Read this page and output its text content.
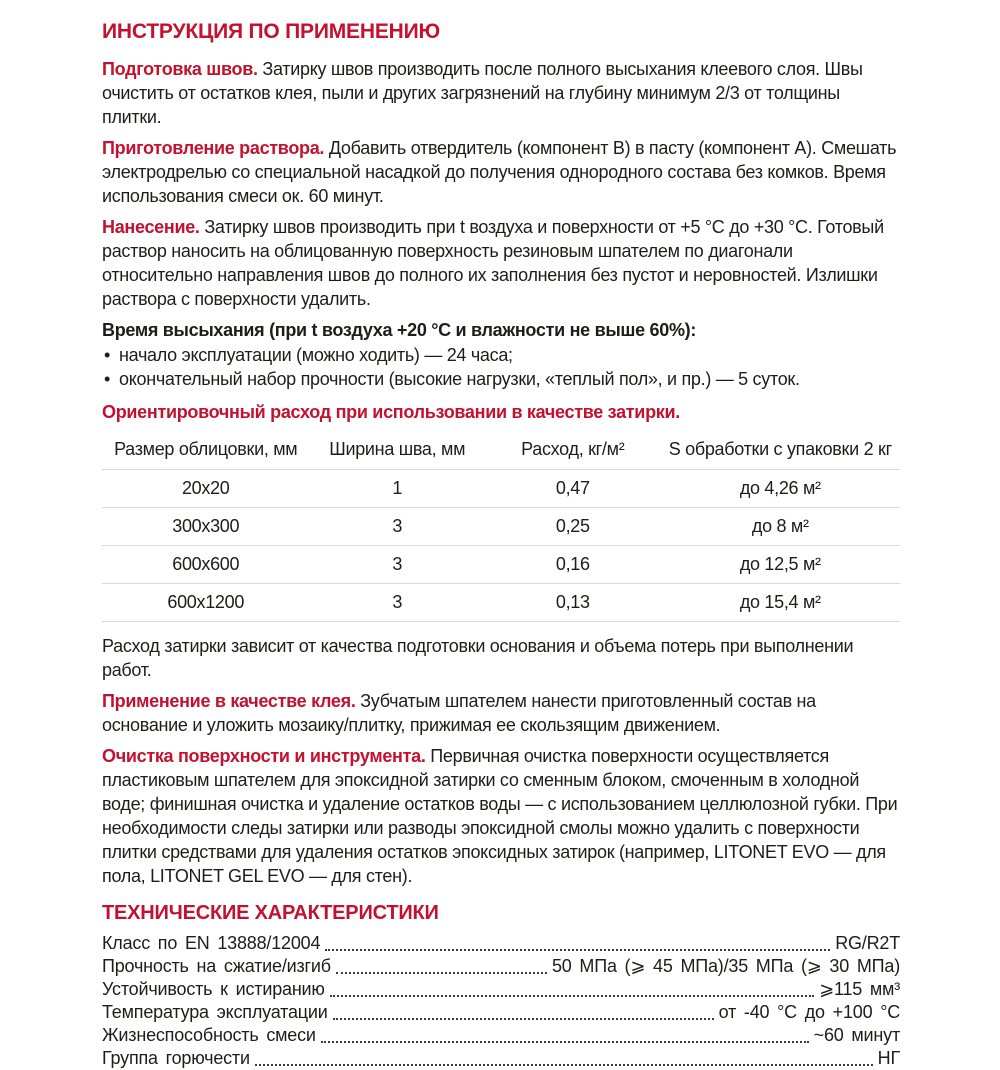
ИНСТРУКЦИЯ ПО ПРИМЕНЕНИЮ

Подготовка швов. Затирку швов производить после полного высыхания клеевого слоя. Швы очистить от остатков клея, пыли и других загрязнений на глубину минимум 2/3 от толщины плитки.

Приготовление раствора. Добавить отвердитель (компонент B) в пасту (компонент A). Смешать электродрелью со специальной насадкой до получения однородного состава без комков. Время использования смеси ок. 60 минут.

Нанесение. Затирку швов производить при t воздуха и поверхности от +5 °C до +30 °C. Готовый раствор наносить на облицованную поверхность резиновым шпателем по диагонали относительно направления швов до полного их заполнения без пустот и неровностей. Излишки раствора с поверхности удалить.

Время высыхания (при t воздуха +20 °C и влажности не выше 60%):
• начало эксплуатации (можно ходить) — 24 часа;
• окончательный набор прочности (высокие нагрузки, «теплый пол», и пр.) — 5 суток.
Ориентировочный расход при использовании в качестве затирки.
Размер облицовки, мм	Ширина шва, мм	Расход, кг/м²	S обработки с упаковки 2 кг
20x20	1	0,47	до 4,26 м²
300x300	3	0,25	до 8 м²
600x600	3	0,16	до 12,5 м²
600x1200	3	0,13	до 15,4 м²

Расход затирки зависит от качества подготовки основания и объема потерь при выполнении работ.

Применение в качестве клея. Зубчатым шпателем нанести приготовленный состав на основание и уложить мозаику/плитку, прижимая ее скользящим движением.

Очистка поверхности и инструмента. Первичная очистка поверхности осуществляется пластиковым шпателем для эпоксидной затирки со сменным блоком, смоченным в холодной воде; финишная очистка и удаление остатков воды — с использованием целлюлозной губки. При необходимости следы затирки или разводы эпоксидной смолы можно удалить с поверхности плитки средствами для удаления остатков эпоксидных затирок (например, LITONET EVO — для пола, LITONET GEL EVO — для стен).

ТЕХНИЧЕСКИЕ ХАРАКТЕРИСТИКИ
Класс по EN 13888/12004	RG/R2T
Прочность на сжатие/изгиб	50 МПа (⩾ 45 МПа)/35 МПа (⩾ 30 МПа)
Устойчивость к истиранию	⩾115 мм³
Температура эксплуатации	от -40 °C до +100 °C
Жизнеспособность смеси	~60 минут
Группа горючести	НГ
